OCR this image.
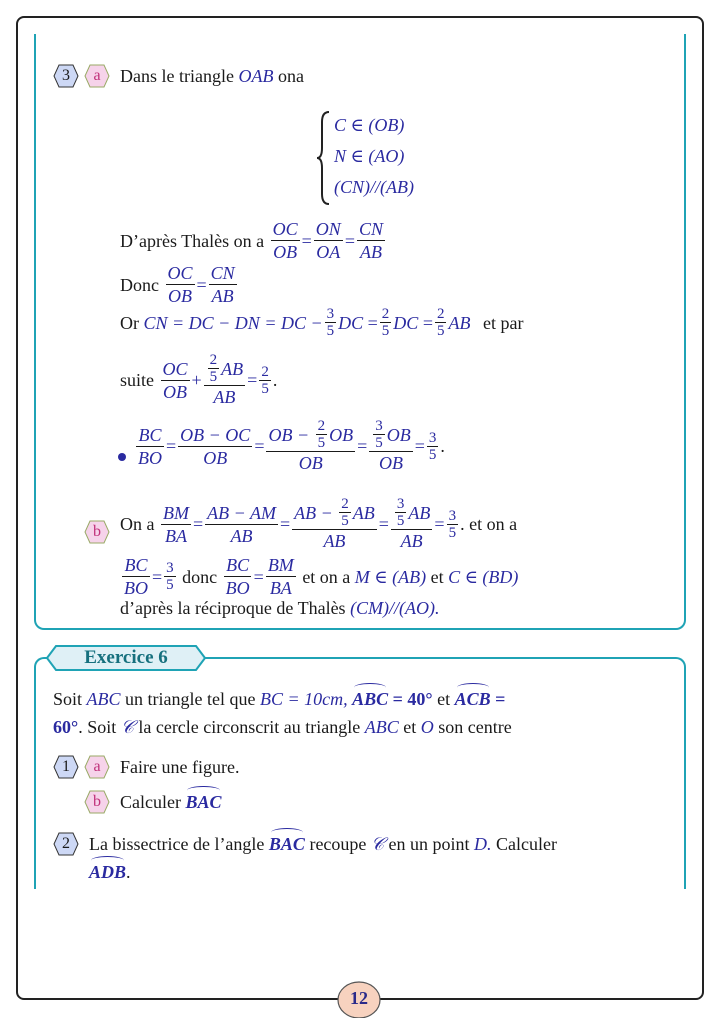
3 a Dans le triangle OAB ona
C ∈ (OB)
N ∈ (AO)
(CN)//(AB)
D’après Thalès on a
$\frac{OC}{OB} = \frac{ON}{OA} = \frac{CN}{AB}$
Donc
$\frac{OC}{OB} = \frac{CN}{AB}$
Or
CN = DC − DN = DC − $\frac{3}{5}$ DC
= $\frac{2}{5}$ DC
= $\frac{2}{5}$ AB
et par
suite
$\frac{OC}{OB} + \frac{\frac{2}{5} AB}{AB} = \frac{2}{5}$ .
$\frac{BC}{BO} = \frac{OB - OC}{OB} = \frac{OB - \frac{2}{5} OB}{OB} = \frac{\frac{3}{5} OB}{OB} = \frac{3}{5}$ .
b On a
$\frac{BM}{BA} = \frac{AB - AM}{AB} = \frac{AB - \frac{2}{5} AB}{AB} = \frac{\frac{3}{5} AB}{AB} = \frac{3}{5}$ . et on a
$\frac{BC}{BO} = \frac{3}{5}$
donc
$\frac{BC}{BO} = \frac{BM}{BA}$
et on a
M ∈ (AB)
et
C ∈ (BD)
d’après la réciproque de Thalès (CM)//(AO).
Exercice 6
Soit ABC un triangle tel que BC = 10cm, ABC = 40° et ACB =
60°. Soit 𝒞 la cercle circonscrit au triangle ABC et O son centre
1 a Faire une figure.
b Calculer BAC
2 La bissectrice de l’angle BAC recoupe 𝒞 en un point D. Calculer
ADB.
12
